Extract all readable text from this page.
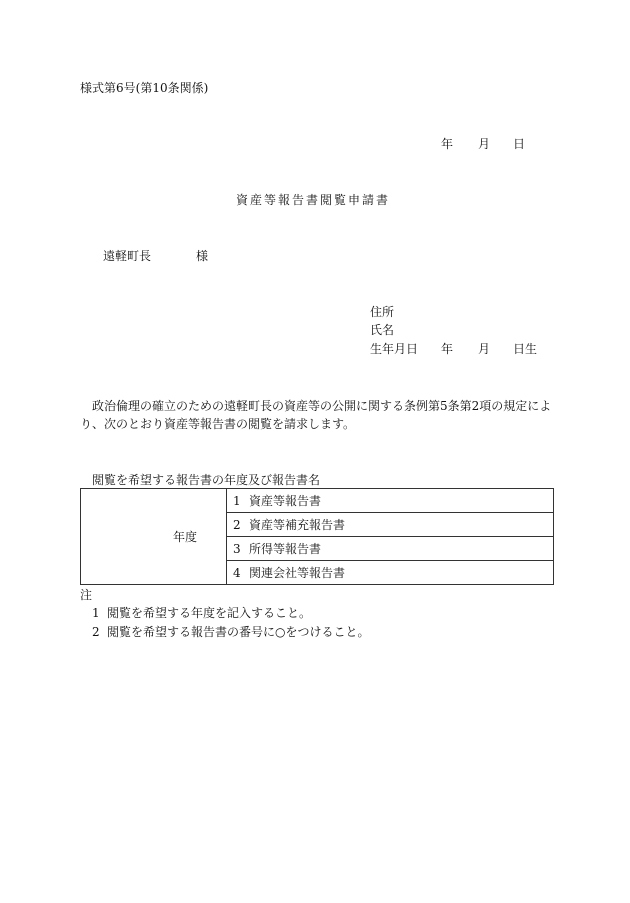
様式第6号(第10条関係)
年 月 日
資産等報告書閲覧申請書
遠軽町長	様
住所
氏名
生年月日 年 月 日生
政治倫理の確立のための遠軽町長の資産等の公開に関する条例第5条第2項の規定によ
り、次のとおり資産等報告書の閲覧を請求します。
閲覧を希望する報告書の年度及び報告書名
年度	1 資産等報告書
2 資産等補充報告書
3 所得等報告書
4 関連会社等報告書
注
1 閲覧を希望する年度を記入すること。
2 閲覧を希望する報告書の番号に○をつけること。
